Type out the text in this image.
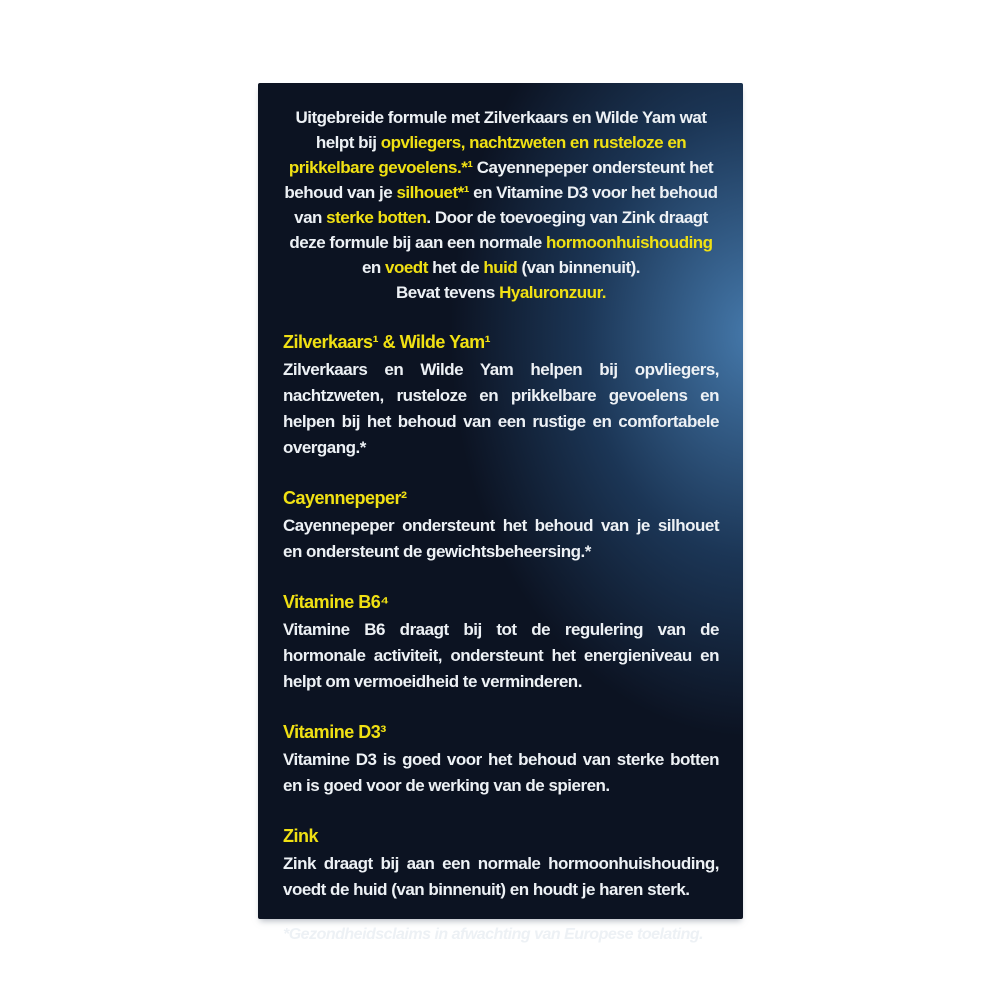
Uitgebreide formule met Zilverkaars en Wilde Yam wat helpt bij opvliegers, nachtzweten en rusteloze en prikkelbare gevoelens.*¹ Cayennepeper ondersteunt het behoud van je silhouet*¹ en Vitamine D3 voor het behoud van sterke botten. Door de toevoeging van Zink draagt deze formule bij aan een normale hormoonhuishouding en voedt het de huid (van binnenuit).

Bevat tevens Hyaluronzuur.

Zilverkaars¹ & Wilde Yam¹

Zilverkaars en Wilde Yam helpen bij opvliegers, nachtzweten, rusteloze en prikkelbare gevoelens en helpen bij het behoud van een rustige en comfortabele overgang.*

Cayennepeper²

Cayennepeper ondersteunt het behoud van je silhouet en ondersteunt de gewichtsbeheersing.*

Vitamine B6⁴

Vitamine B6 draagt bij tot de regulering van de hormonale activiteit, ondersteunt het energieniveau en helpt om vermoeidheid te verminderen.

Vitamine D3³

Vitamine D3 is goed voor het behoud van sterke botten en is goed voor de werking van de spieren.

Zink

Zink draagt bij aan een normale hormoonhuishouding, voedt de huid (van binnenuit) en houdt je haren sterk.

*Gezondheidsclaims in afwachting van Europese toelating.
